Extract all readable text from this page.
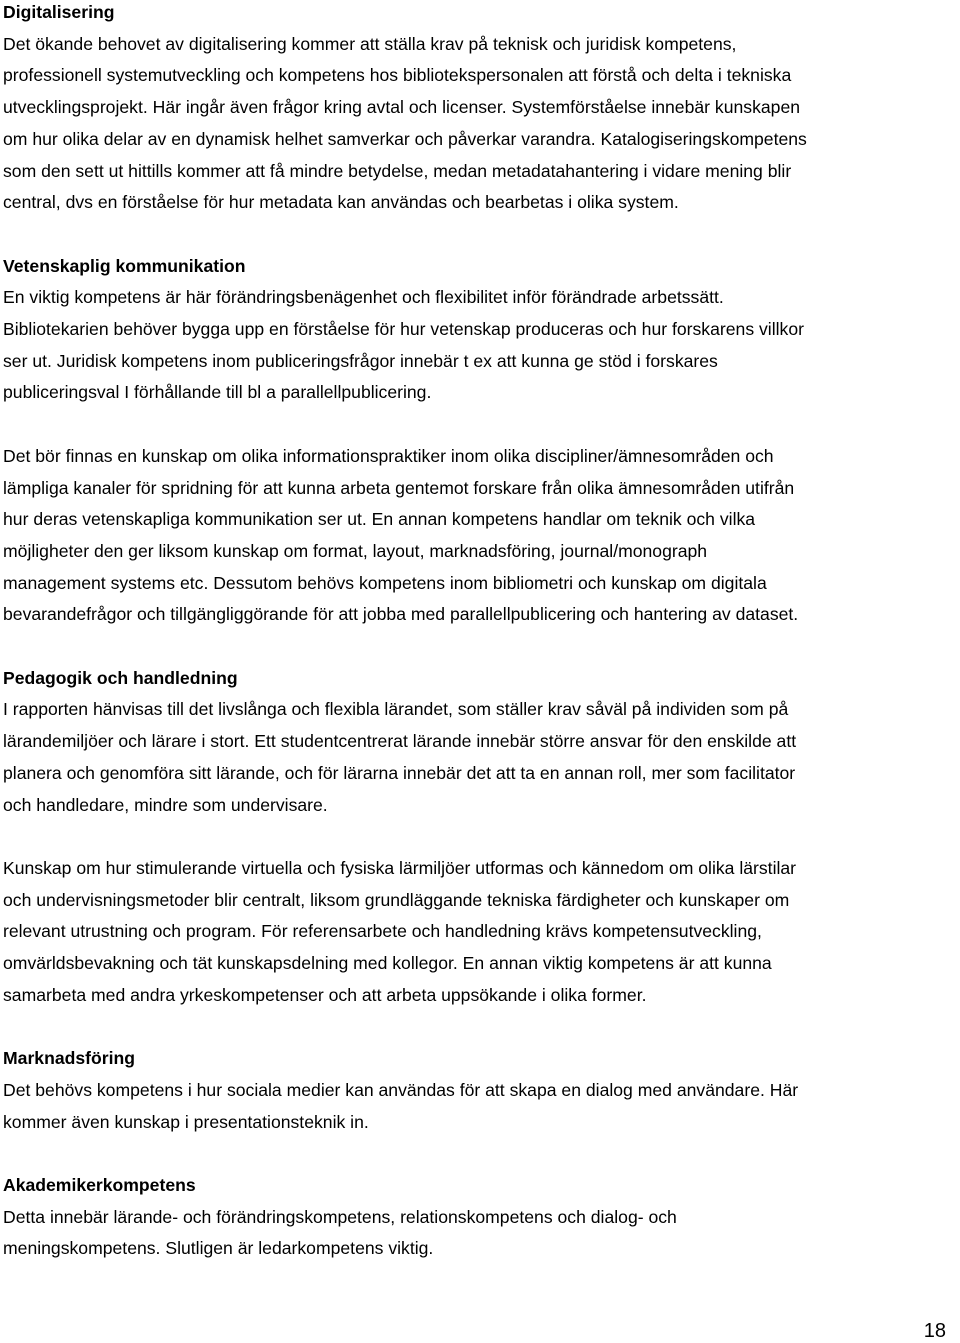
Digitalisering

Det ökande behovet av digitalisering kommer att ställa krav på teknisk och juridisk kompetens,
professionell systemutveckling och kompetens hos bibliotekspersonalen att förstå och delta i tekniska
utvecklingsprojekt. Här ingår även frågor kring avtal och licenser. Systemförståelse innebär kunskapen
om hur olika delar av en dynamisk helhet samverkar och påverkar varandra. Katalogiseringskompetens
som den sett ut hittills kommer att få mindre betydelse, medan metadatahantering i vidare mening blir
central, dvs en förståelse för hur metadata kan användas och bearbetas i olika system.

Vetenskaplig kommunikation

En viktig kompetens är här förändringsbenägenhet och flexibilitet inför förändrade arbetssätt.
Bibliotekarien behöver bygga upp en förståelse för hur vetenskap produceras och hur forskarens villkor
ser ut. Juridisk kompetens inom publiceringsfrågor innebär t ex att kunna ge stöd i forskares
publiceringsval I förhållande till bl a parallellpublicering.

Det bör finnas en kunskap om olika informationspraktiker inom olika discipliner/ämnesområden och
lämpliga kanaler för spridning för att kunna arbeta gentemot forskare från olika ämnesområden utifrån
hur deras vetenskapliga kommunikation ser ut. En annan kompetens handlar om teknik och vilka
möjligheter den ger liksom kunskap om format, layout, marknadsföring, journal/monograph
management systems etc. Dessutom behövs kompetens inom bibliometri och kunskap om digitala
bevarandefrågor och tillgängliggörande för att jobba med parallellpublicering och hantering av dataset.

Pedagogik och handledning

I rapporten hänvisas till det livslånga och flexibla lärandet, som ställer krav såväl på individen som på
lärandemiljöer och lärare i stort. Ett studentcentrerat lärande innebär större ansvar för den enskilde att
planera och genomföra sitt lärande, och för lärarna innebär det att ta en annan roll, mer som facilitator
och handledare, mindre som undervisare.

Kunskap om hur stimulerande virtuella och fysiska lärmiljöer utformas och kännedom om olika lärstilar
och undervisningsmetoder blir centralt, liksom grundläggande tekniska färdigheter och kunskaper om
relevant utrustning och program. För referensarbete och handledning krävs kompetensutveckling,
omvärldsbevakning och tät kunskapsdelning med kollegor. En annan viktig kompetens är att kunna
samarbeta med andra yrkeskompetenser och att arbeta uppsökande i olika former.

Marknadsföring

Det behövs kompetens i hur sociala medier kan användas för att skapa en dialog med användare. Här
kommer även kunskap i presentationsteknik in.

Akademikerkompetens

Detta innebär lärande- och förändringskompetens, relationskompetens och dialog- och
meningskompetens. Slutligen är ledarkompetens viktig.

18
